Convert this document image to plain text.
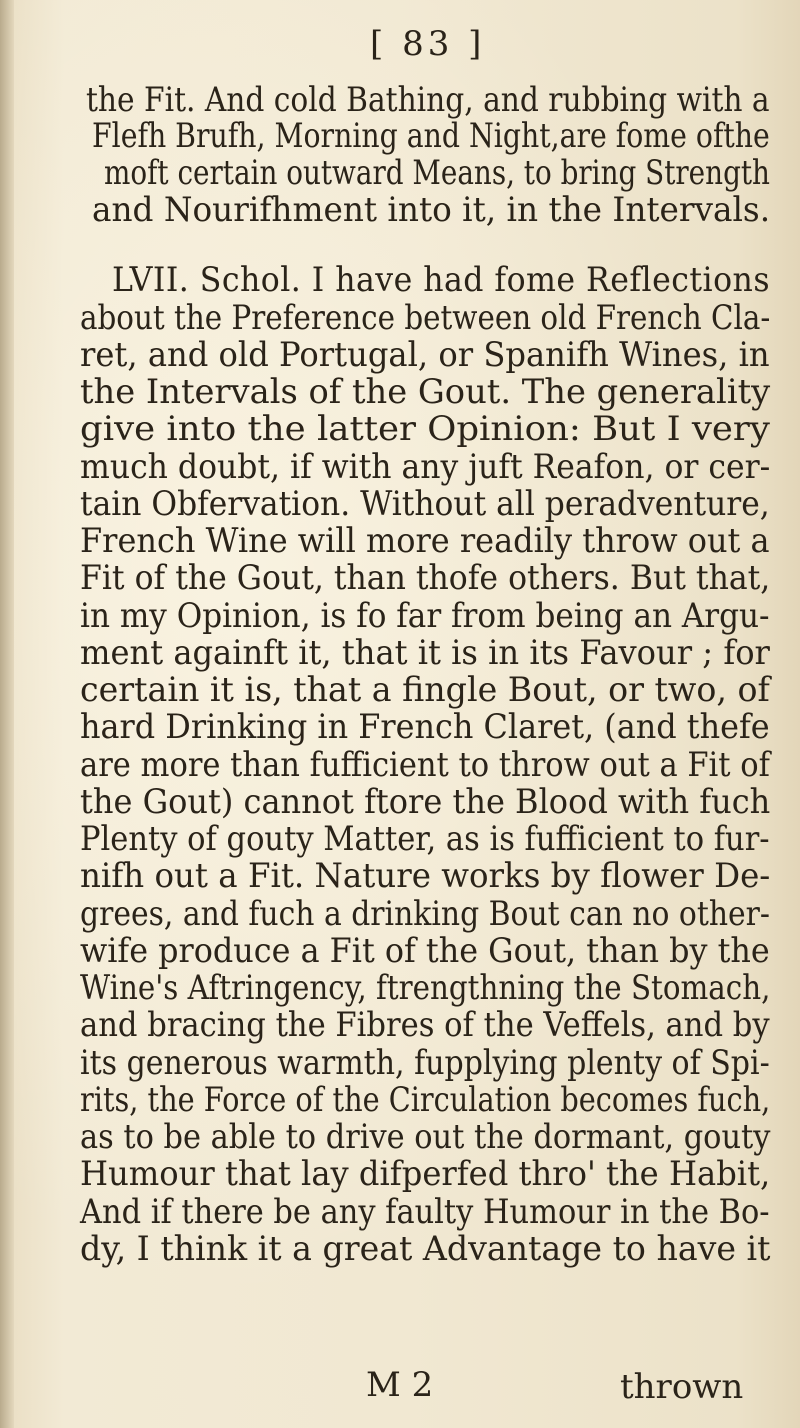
[ 83 ]
the Fit. And cold Bathing, and rubbing with a
Flefh Brufh, Morning and Night,are fome ofthe
moft certain outward Means, to bring Strength
and Nourifhment into it, in the Intervals.
LVII. Schol. I have had fome Reflections
about the Preference between old French Cla-
ret, and old Portugal, or Spanifh Wines, in
the Intervals of the Gout. The generality
give into the latter Opinion: But I very
much doubt, if with any juft Reafon, or cer-
tain Obfervation. Without all peradventure,
French Wine will more readily throw out a
Fit of the Gout, than thofe others. But that,
in my Opinion, is fo far from being an Argu-
ment againft it, that it is in its Favour ; for
certain it is, that a fingle Bout, or two, of
hard Drinking in French Claret, (and thefe
are more than fufficient to throw out a Fit of
the Gout) cannot ftore the Blood with fuch
Plenty of gouty Matter, as is fufficient to fur-
nifh out a Fit. Nature works by flower De-
grees, and fuch a drinking Bout can no other-
wife produce a Fit of the Gout, than by the
Wine's Aftringency, ftrengthning the Stomach,
and bracing the Fibres of the Veffels, and by
its generous warmth, fupplying plenty of Spi-
rits, the Force of the Circulation becomes fuch,
as to be able to drive out the dormant, gouty
Humour that lay difperfed thro' the Habit,
And if there be any faulty Humour in the Bo-
dy, I think it a great Advantage to have it
M 2	thrown
